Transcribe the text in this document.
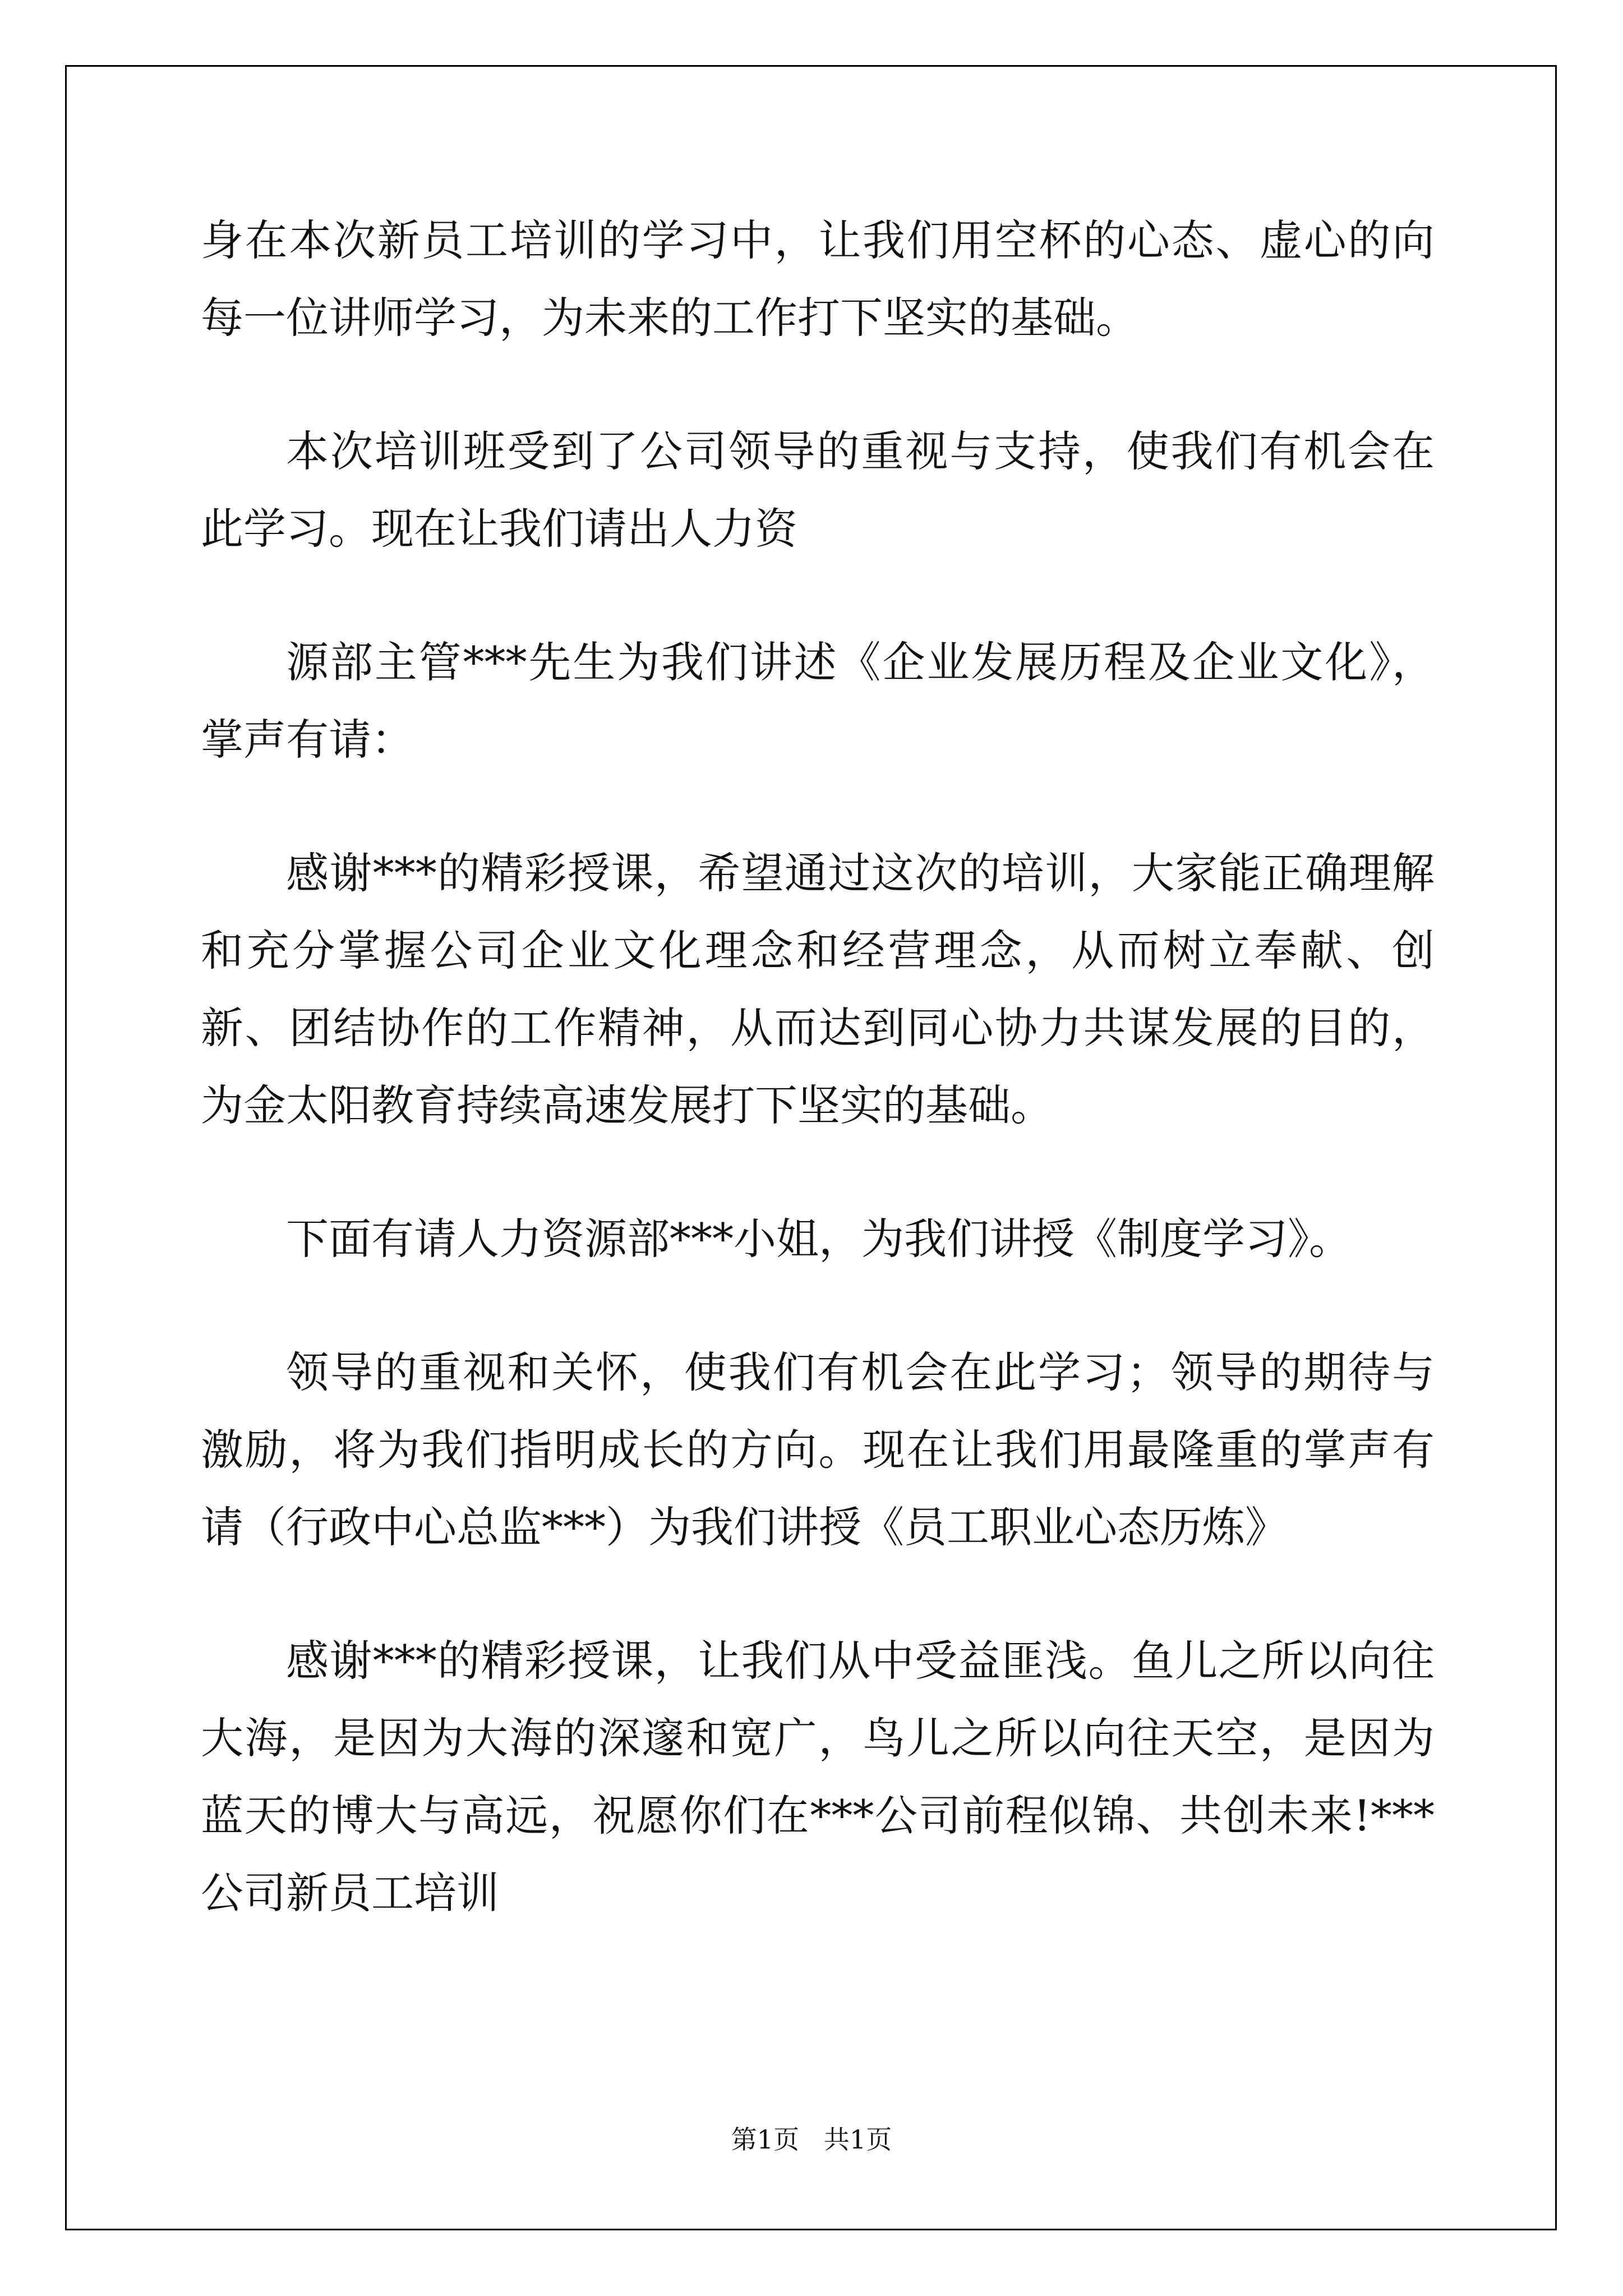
身在本次新员工培训的学习中，让我们用空杯的心态、虚心的向每一位讲师学习，为未来的工作打下坚实的基础。

本次培训班受到了公司领导的重视与支持，使我们有机会在此学习。现在让我们请出人力资

源部主管***先生为我们讲述《企业发展历程及企业文化》，掌声有请：

感谢***的精彩授课，希望通过这次的培训，大家能正确理解和充分掌握公司企业文化理念和经营理念，从而树立奉献、创新、团结协作的工作精神，从而达到同心协力共谋发展的目的，为金太阳教育持续高速发展打下坚实的基础。

下面有请人力资源部***小姐，为我们讲授《制度学习》。

领导的重视和关怀，使我们有机会在此学习；领导的期待与激励，将为我们指明成长的方向。现在让我们用最隆重的掌声有请（行政中心总监***）为我们讲授《员工职业心态历炼》

感谢***的精彩授课，让我们从中受益匪浅。鱼儿之所以向往大海，是因为大海的深邃和宽广，鸟儿之所以向往天空，是因为蓝天的博大与高远，祝愿你们在***公司前程似锦、共创未来!***公司新员工培训

第1页   共1页
